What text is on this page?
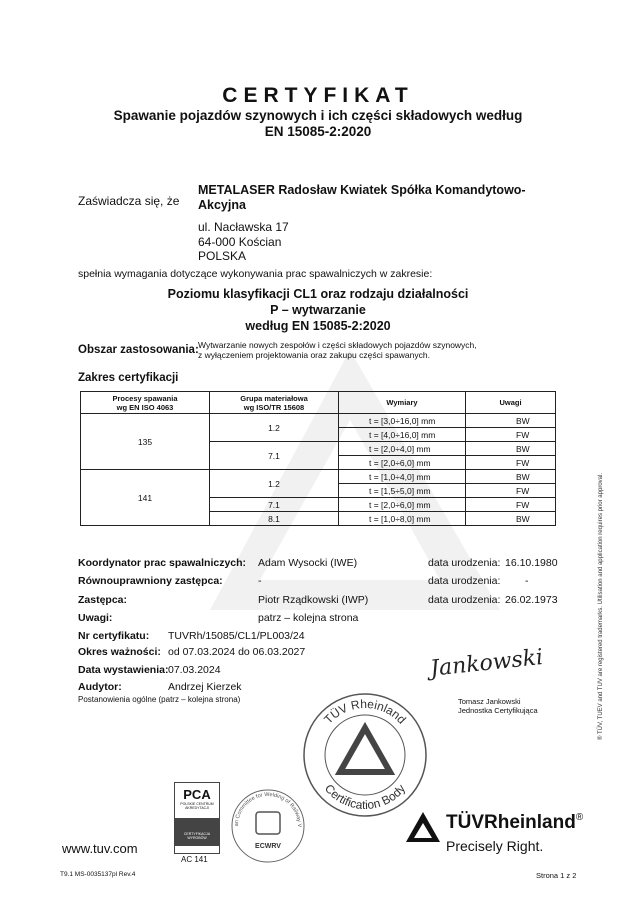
CERTYFIKAT
Spawanie pojazdów szynowych i ich części składowych według
EN 15085-2:2020
Zaświadcza się, że
METALASER Radosław Kwiatek Spółka Komandytowo-
Akcyjna
ul. Nacławska 17
64-000 Kościan
POLSKA
spełnia wymagania dotyczące wykonywania prac spawalniczych w zakresie:
Poziomu klasyfikacji CL1 oraz rodzaju działalności
P – wytwarzanie
według EN 15085-2:2020
Obszar zastosowania: Wytwarzanie nowych zespołów i części składowych pojazdów szynowych,
z wyłączeniem projektowania oraz zakupu części spawanych.
Zakres certyfikacji
Procesy spawania
wg EN ISO 4063	Grupa materiałowa
wg ISO/TR 15608	Wymiary	Uwagi
135	1.2	t = [3,0÷16,0] mm	BW
		t = [4,0÷16,0] mm	FW
	7.1	t = [2,0÷4,0] mm	BW
		t = [2,0÷6,0] mm	FW
141	1.2	t = [1,0÷4,0] mm	BW
		t = [1,5÷5,0] mm	FW
	7.1	t = [2,0÷6,0] mm	FW
	8.1	t = [1,0÷8,0] mm	BW
Koordynator prac spawalniczych: Adam Wysocki (IWE)	data urodzenia: 16.10.1980
Równouprawniony zastępca:	-	data urodzenia: -
Zastępca:	Piotr Rządkowski (IWP)	data urodzenia: 26.02.1973
Uwagi:	patrz – kolejna strona
Nr certyfikatu: TUVRh/15085/CL1/PL003/24
Okres ważności: od 07.03.2024 do 06.03.2027
Data wystawienia: 07.03.2024
Audytor:	Andrzej Kierzek
Postanowienia ogólne (patrz – kolejna strona)
Jankowski
Tomasz Jankowski
Jednostka Certyfikująca
TÜV Rheinland
Certification Body
PCA
POLSKIE CENTRUM
AKREDYTACJI
CERTYFIKACJA
WYROBÓW
AC 141
an Committee for Welding of Railway V
ECWRV
TÜVRheinland®
Precisely Right.
www.tuv.com
T9.1 MS-0035137pl Rev.4	Strona 1 z 2
® TÜV, TUEV and TUV are registered trademarks. Utilisation and application requires prior approval.
